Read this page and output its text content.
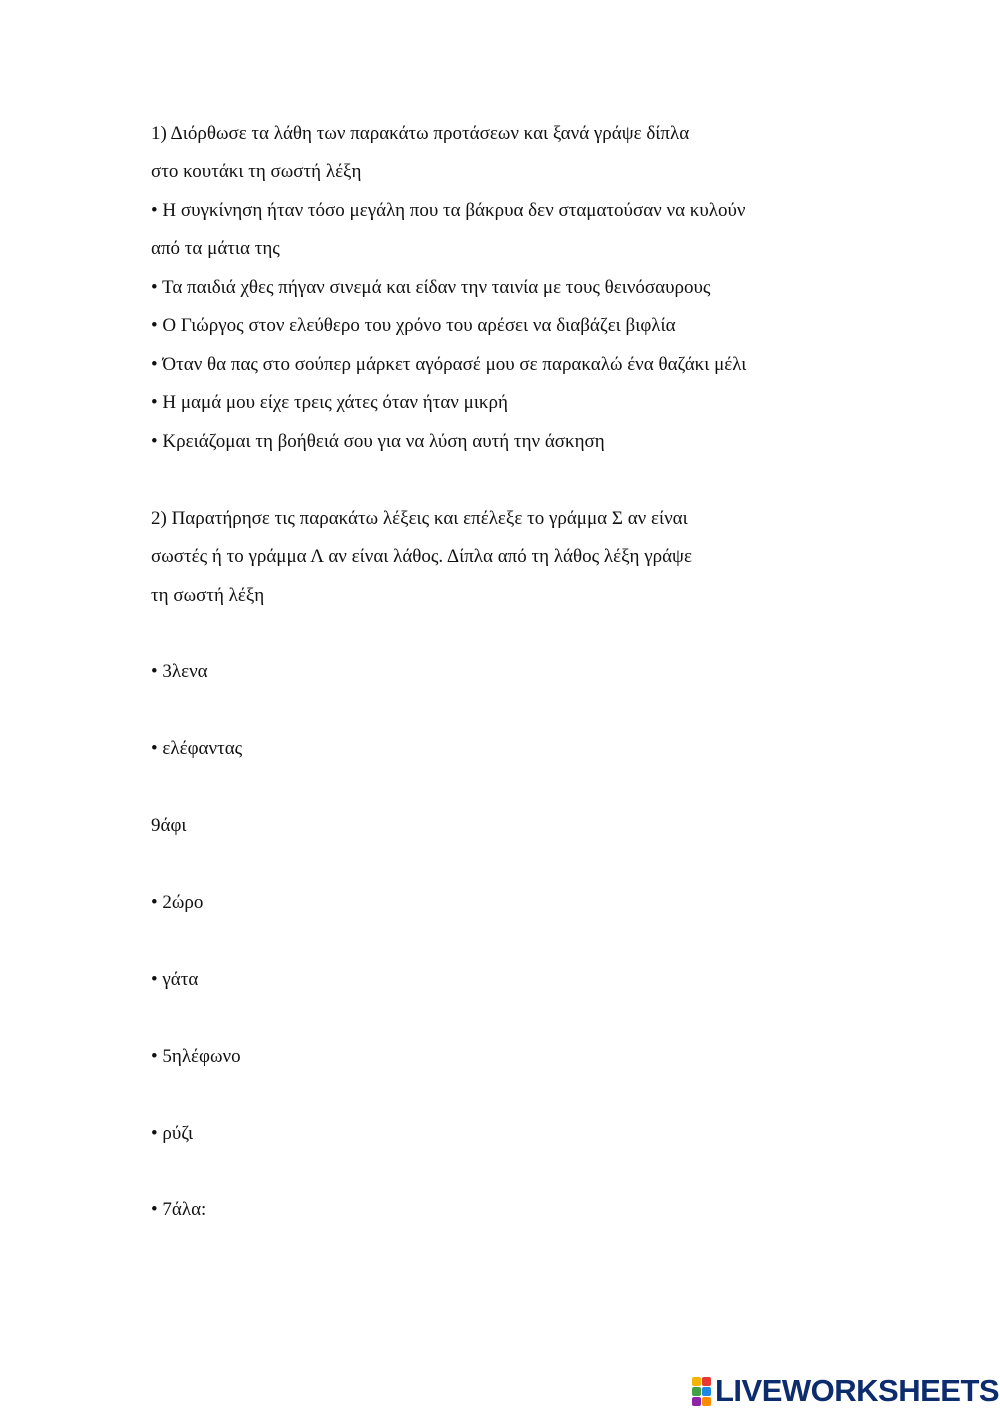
1) Διόρθωσε τα λάθη των παρακάτω προτάσεων και ξανά γράψε δίπλα
στο κουτάκι τη σωστή λέξη
• Η συγκίνηση ήταν τόσο μεγάλη που τα βάκρυα δεν σταματούσαν να κυλούν
από τα μάτια της
• Τα παιδιά χθες πήγαν σινεμά και είδαν την ταινία με τους θεινόσαυρους
• Ο Γιώργος στον ελεύθερο του χρόνο του αρέσει να διαβάζει βιφλία
• Όταν θα πας στο σούπερ μάρκετ αγόρασέ μου σε παρακαλώ ένα θαζάκι μέλι
• Η μαμά μου είχε τρεις χάτες όταν ήταν μικρή
• Κρειάζομαι τη βοήθειά σου για να λύση αυτή την άσκηση
2) Παρατήρησε τις παρακάτω λέξεις και επέλεξε το γράμμα Σ αν είναι
σωστές ή το γράμμα Λ αν είναι λάθος. Δίπλα από τη λάθος λέξη γράψε
τη σωστή λέξη
• 3λενα
• ελέφαντας
9άφι
• 2ώρο
• γάτα
• 5ηλέφωνο
• ρύζι
• 7άλα:
LIVEWORKSHEETS
